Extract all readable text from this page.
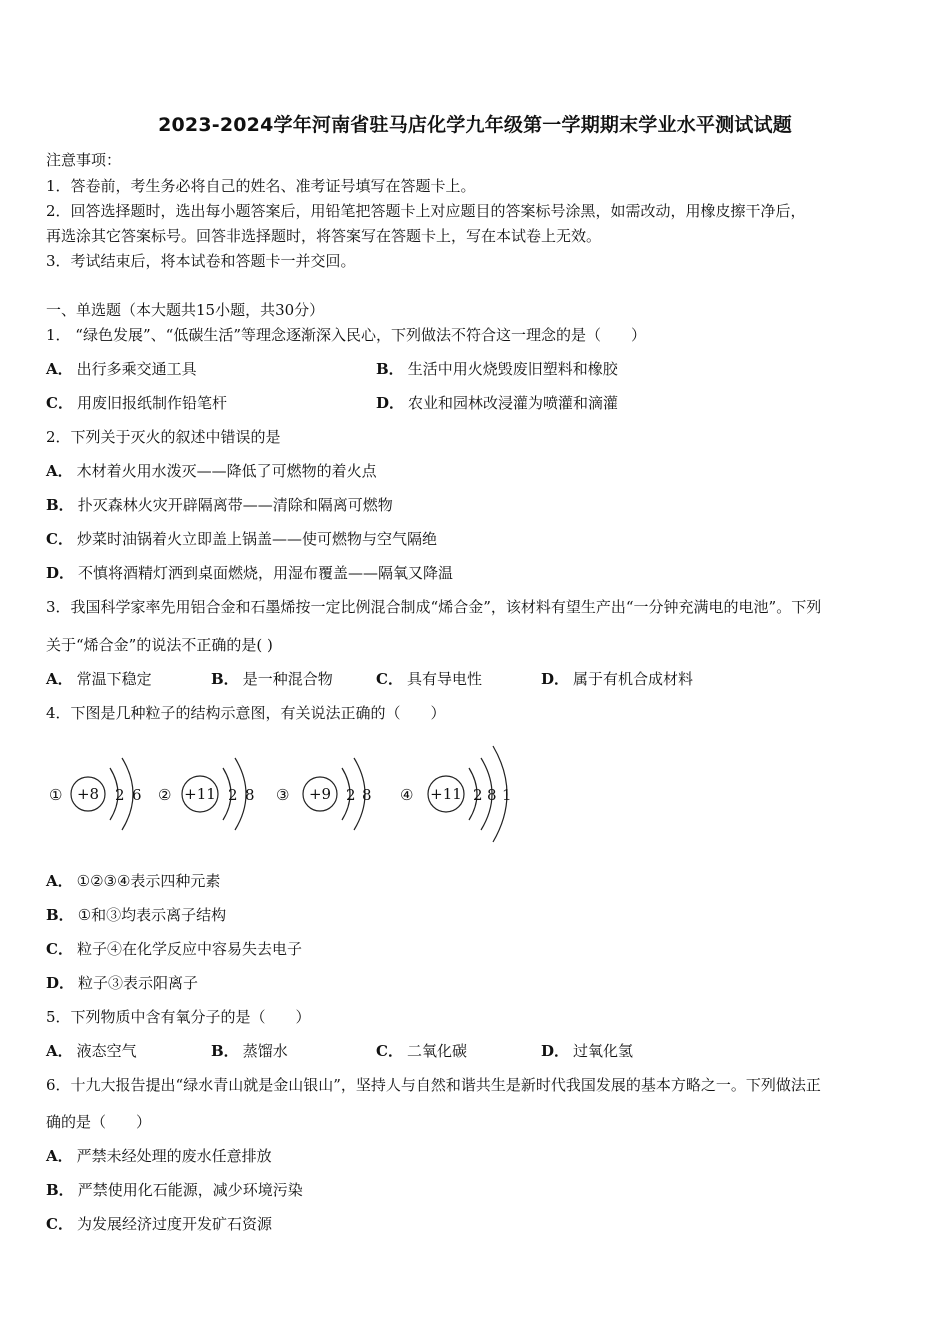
2023-2024学年河南省驻马店化学九年级第一学期期末学业水平测试试题
注意事项：
1．答卷前，考生务必将自己的姓名、准考证号填写在答题卡上。
2．回答选择题时，选出每小题答案后，用铅笔把答题卡上对应题目的答案标号涂黑，如需改动，用橡皮擦干净后，
再选涂其它答案标号。回答非选择题时，将答案写在答题卡上，写在本试卷上无效。
3．考试结束后，将本试卷和答题卡一并交回。
一、单选题（本大题共15小题，共30分）
1． “绿色发展”、“低碳生活”等理念逐渐深入民心，下列做法不符合这一理念的是（　　）
A． 出行多乘交通工具	B． 生活中用火烧毁废旧塑料和橡胶
C． 用废旧报纸制作铅笔杆	D． 农业和园林改浸灌为喷灌和滴灌
2．下列关于灭火的叙述中错误的是
A． 木材着火用水泼灭——降低了可燃物的着火点
B． 扑灭森林火灾开辟隔离带——清除和隔离可燃物
C． 炒菜时油锅着火立即盖上锅盖——使可燃物与空气隔绝
D． 不慎将酒精灯洒到桌面燃烧，用湿布覆盖——隔氧又降温
3．我国科学家率先用铝合金和石墨烯按一定比例混合制成“烯合金”，该材料有望生产出“一分钟充满电的电池”。下列
关于“烯合金”的说法不正确的是( )
A． 常温下稳定	B． 是一种混合物	C． 具有导电性	D． 属于有机合成材料
4．下图是几种粒子的结构示意图，有关说法正确的（　　）
①	②	③	④
+8	+11	+9	+11
2 6	2 8	2 8	2 8 1
A． ①②③④表示四种元素
B． ①和③均表示离子结构
C． 粒子④在化学反应中容易失去电子
D． 粒子③表示阳离子
5．下列物质中含有氧分子的是（　　）
A． 液态空气	B． 蒸馏水	C． 二氧化碳	D． 过氧化氢
6．十九大报告提出“绿水青山就是金山银山”，坚持人与自然和谐共生是新时代我国发展的基本方略之一。下列做法正
确的是（　　）
A． 严禁未经处理的废水任意排放
B． 严禁使用化石能源，减少环境污染
C． 为发展经济过度开发矿石资源
